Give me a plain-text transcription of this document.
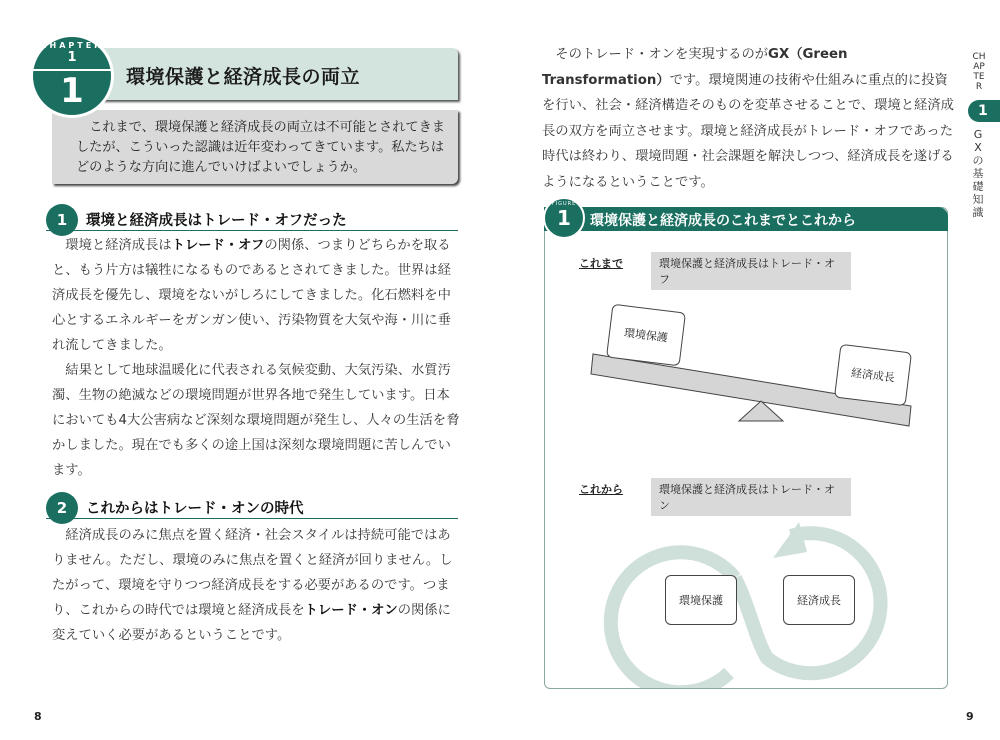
環境保護と経済成長の両立
これまで、環境保護と経済成長の両立は不可能とされてきましたが、こういった認識は近年変わってきています。私たちはどのような方向に進んでいけばよいでしょうか。
CHAPTER
1
1
1	環境と経済成長はトレード・オフだった

環境と経済成長はトレード・オフの関係、つまりどちらかを取ると、もう片方は犠牲になるものであるとされてきました。世界は経済成長を優先し、環境をないがしろにしてきました。化石燃料を中心とするエネルギーをガンガン使い、汚染物質を大気や海・川に垂れ流してきました。

結果として地球温暖化に代表される気候変動、大気汚染、水質汚濁、生物の絶滅などの環境問題が世界各地で発生しています。日本においても4大公害病など深刻な環境問題が発生し、人々の生活を脅かしました。現在でも多くの途上国は深刻な環境問題に苦しんでいます。

2	これからはトレード・オンの時代

経済成長のみに焦点を置く経済・社会スタイルは持続可能ではありません。ただし、環境のみに焦点を置くと経済が回りません。したがって、環境を守りつつ経済成長をする必要があるのです。つまり、これからの時代では環境と経済成長をトレード・オンの関係に変えていく必要があるということです。

8

そのトレード・オンを実現するのがGX（Green Transformation）です。環境関連の技術や仕組みに重点的に投資を行い、社会・経済構造そのものを変革させることで、環境と経済成長の双方を両立させます。環境と経済成長がトレード・オフであった時代は終わり、環境問題・社会課題を解決しつつ、経済成長を遂げるようになるということです。

CHAPTER
1
GXの基礎知識
環境保護と経済成長のこれまでとこれから
FIGURE
1
これまで	環境保護と経済成長はトレード・オフ
環境保護
経済成長
これから	環境保護と経済成長はトレード・オン
環境保護	経済成長
9
